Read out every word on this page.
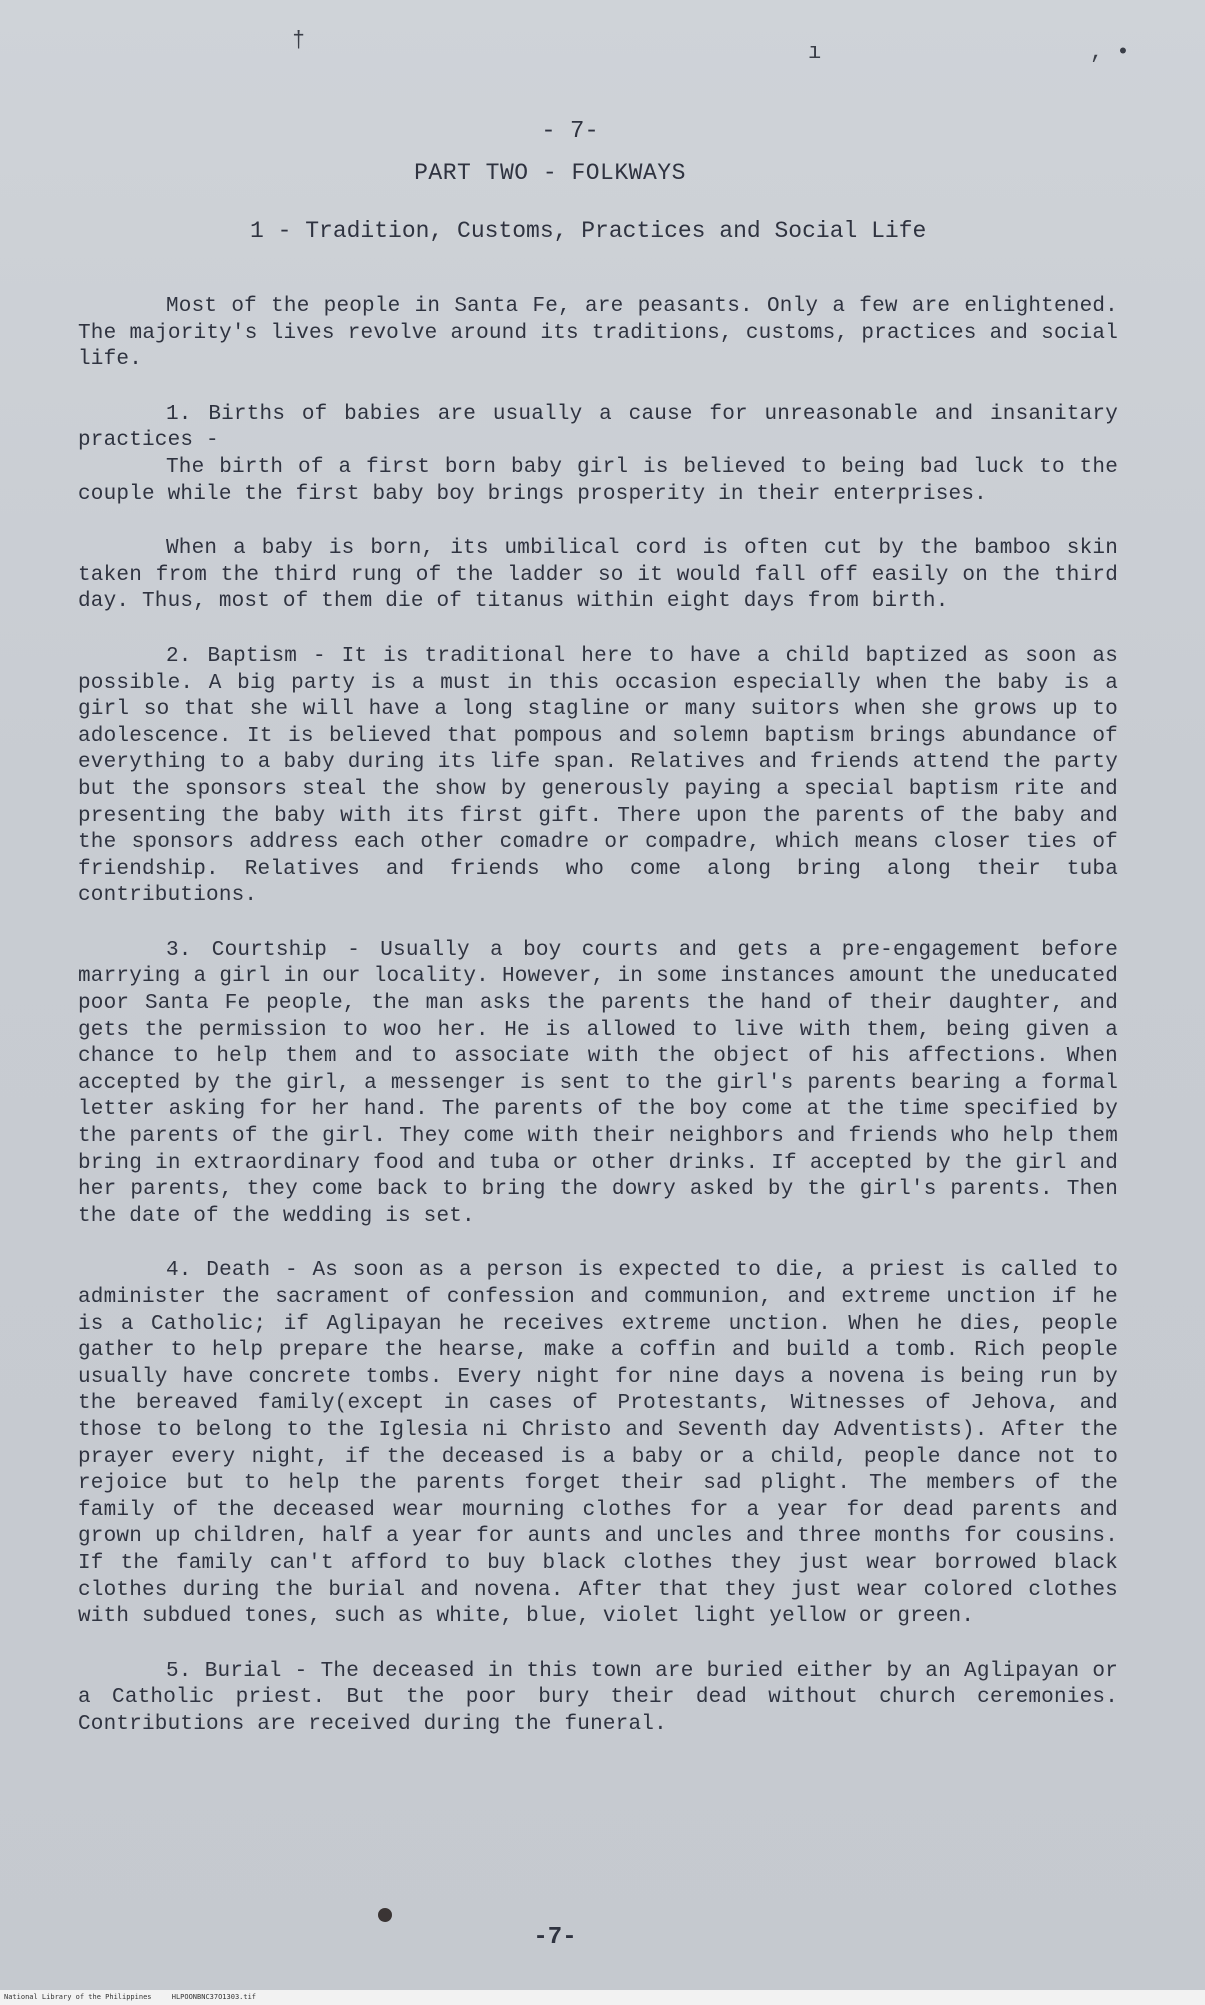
†	ı	, •
- 7-
PART TWO - FOLKWAYS
1 - Tradition, Customs, Practices and Social Life

Most of the people in Santa Fe, are peasants. Only a few are enlightened. The majority's lives revolve around its traditions, customs, practices and social life.

1. Births of babies are usually a cause for unreasonable and insanitary practices -

The birth of a first born baby girl is believed to being bad luck to the couple while the first baby boy brings prosperity in their enterprises.

When a baby is born, its umbilical cord is often cut by the bamboo skin taken from the third rung of the ladder so it would fall off easily on the third day. Thus, most of them die of titanus within eight days from birth.

2. Baptism - It is traditional here to have a child baptized as soon as possible. A big party is a must in this occasion especially when the baby is a girl so that she will have a long stagline or many suitors when she grows up to adolescence. It is believed that pompous and solemn baptism brings abundance of everything to a baby during its life span. Relatives and friends attend the party but the sponsors steal the show by generously paying a special baptism rite and presenting the baby with its first gift. There upon the parents of the baby and the sponsors address each other comadre or compadre, which means closer ties of friendship. Relatives and friends who come along bring along their tuba contributions.

3. Courtship - Usually a boy courts and gets a pre-engagement before marrying a girl in our locality. However, in some instances amount the uneducated poor Santa Fe people, the man asks the parents the hand of their daughter, and gets the permission to woo her. He is allowed to live with them, being given a chance to help them and to associate with the object of his affections. When accepted by the girl, a messenger is sent to the girl's parents bearing a formal letter asking for her hand. The parents of the boy come at the time specified by the parents of the girl. They come with their neighbors and friends who help them bring in extraordinary food and tuba or other drinks. If accepted by the girl and her parents, they come back to bring the dowry asked by the girl's parents. Then the date of the wedding is set.

4. Death - As soon as a person is expected to die, a priest is called to administer the sacrament of confession and communion, and extreme unction if he is a Catholic; if Aglipayan he receives extreme unction. When he dies, people gather to help prepare the hearse, make a coffin and build a tomb. Rich people usually have concrete tombs. Every night for nine days a novena is being run by the bereaved family(except in cases of Protestants, Witnesses of Jehova, and those to belong to the Iglesia ni Christo and Seventh day Adventists). After the prayer every night, if the deceased is a baby or a child, people dance not to rejoice but to help the parents forget their sad plight. The members of the family of the deceased wear mourning clothes for a year for dead parents and grown up children, half a year for aunts and uncles and three months for cousins. If the family can't afford to buy black clothes they just wear borrowed black clothes during the burial and novena. After that they just wear colored clothes with subdued tones, such as white, blue, violet light yellow or green.

5. Burial - The deceased in this town are buried either by an Aglipayan or a Catholic priest. But the poor bury their dead without church ceremonies. Contributions are received during the funeral.

-7-
National Library of the Philippines	HLPOONBNC37O1303.tif
